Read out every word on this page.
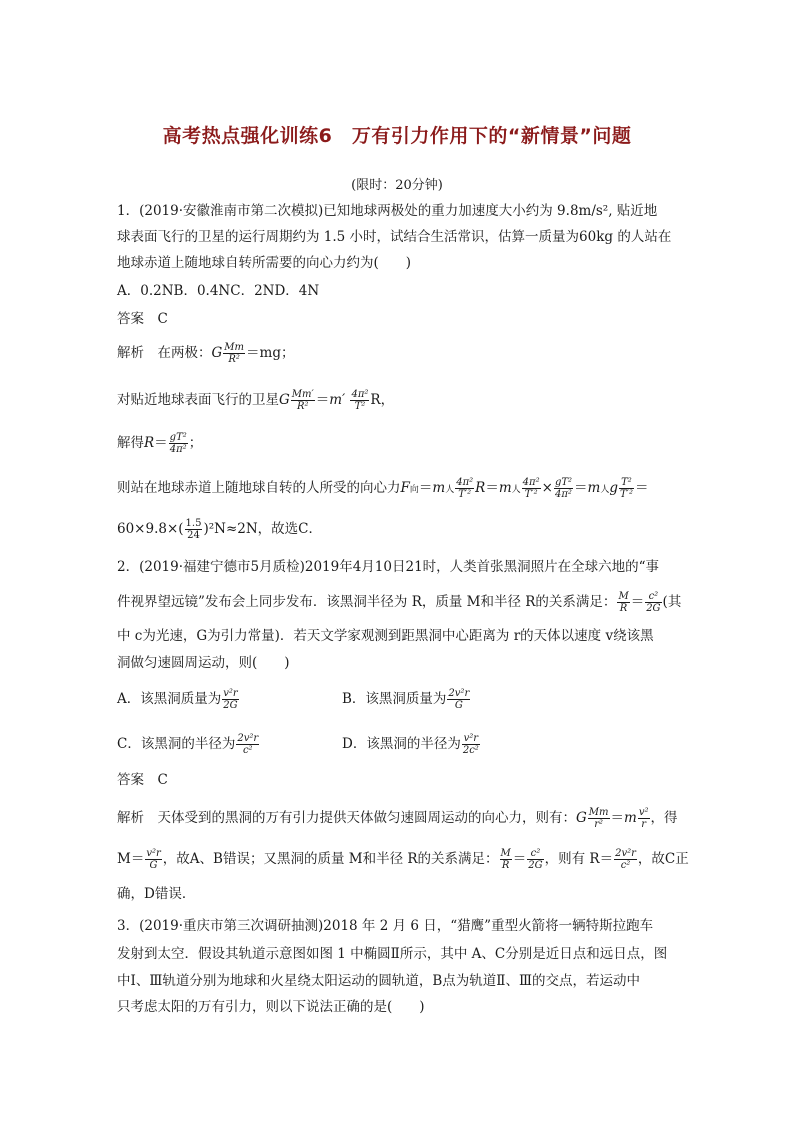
高考热点强化训练6　万有引力作用下的“新情景”问题
(限时：20分钟)
1．(2019·安徽淮南市第二次模拟)已知地球两极处的重力加速度大小约为 9.8m/s², 贴近地
球表面飞行的卫星的运行周期约为 1.5 小时，试结合生活常识，估算一质量为60kg 的人站在
地球赤道上随地球自转所需要的向心力约为(　　)
A．0.2NB．0.4NC．2ND．4N
答案　C
解析　在两极：G $\frac{Mm}{\text{R²}} =mg$；
对贴近地球表面飞行的卫星G $\frac{Mm'}{\text{R²}} =m' \frac{\text{4π²}}{\text{T²}}$ R，
解得$R= \frac{\text{gT²}}{\text{4π²}}$ ；
则站在地球赤道上随地球自转的人所受的向心力F向＝m人 $\frac{\text{4π²}}{\text{T′²}} R=m$人 $\frac{\text{4π²}}{\text{T′²}} \times \frac{\text{gT²}}{\text{4π²}} =m$人g $\frac{\text{T²}}{\text{T′²}}$ ＝
$60\times 9.8\times( \frac{1.5}{24} )^2N\approx 2N$，故选C．
2．(2019·福建宁德市5月质检)2019年4月10日21时，人类首张黑洞照片在全球六地的“事
件视界望远镜”发布会上同步发布．该黑洞半径为 R，质量 M和半径 R的关系满足： $\frac{M}{R} = \frac{\text{c²}}{2G}$ (其
中 c为光速，G为引力常量)．若天文学家观测到距黑洞中心距离为 r的天体以速度 v绕该黑
洞做匀速圆周运动，则(　　)
A．该黑洞质量为 $\frac{\text{v²r}}{2G}$	B．该黑洞质量为 $\frac{\text{2v²r}}{G}$
C．该黑洞的半径为 $\frac{\text{2v²r}}{\text{c²}}$	D．该黑洞的半径为 $\frac{\text{v²r}}{\text{2c²}}$
答案　C
解析　天体受到的黑洞的万有引力提供天体做匀速圆周运动的向心力，则有：G $\frac{Mm}{\text{r²}} =m \frac{\text{v²}}{r}$ ，得
$M= \frac{\text{v²r}}{G}$ ，故A、B错误；又黑洞的质量 M和半径 R的关系满足： $\frac{M}{R} = \frac{\text{c²}}{2G}$ ，则有 $R= \frac{\text{2v²r}}{\text{c²}}$ ，故C正
确，D错误．
3．(2019·重庆市第三次调研抽测)2018 年 2 月 6 日，“猎鹰”重型火箭将一辆特斯拉跑车
发射到太空．假设其轨道示意图如图 1 中椭圆Ⅱ所示，其中 A、C分别是近日点和远日点，图
中Ⅰ、Ⅲ轨道分别为地球和火星绕太阳运动的圆轨道，B点为轨道Ⅱ、Ⅲ的交点，若运动中
只考虑太阳的万有引力，则以下说法正确的是(　　)
